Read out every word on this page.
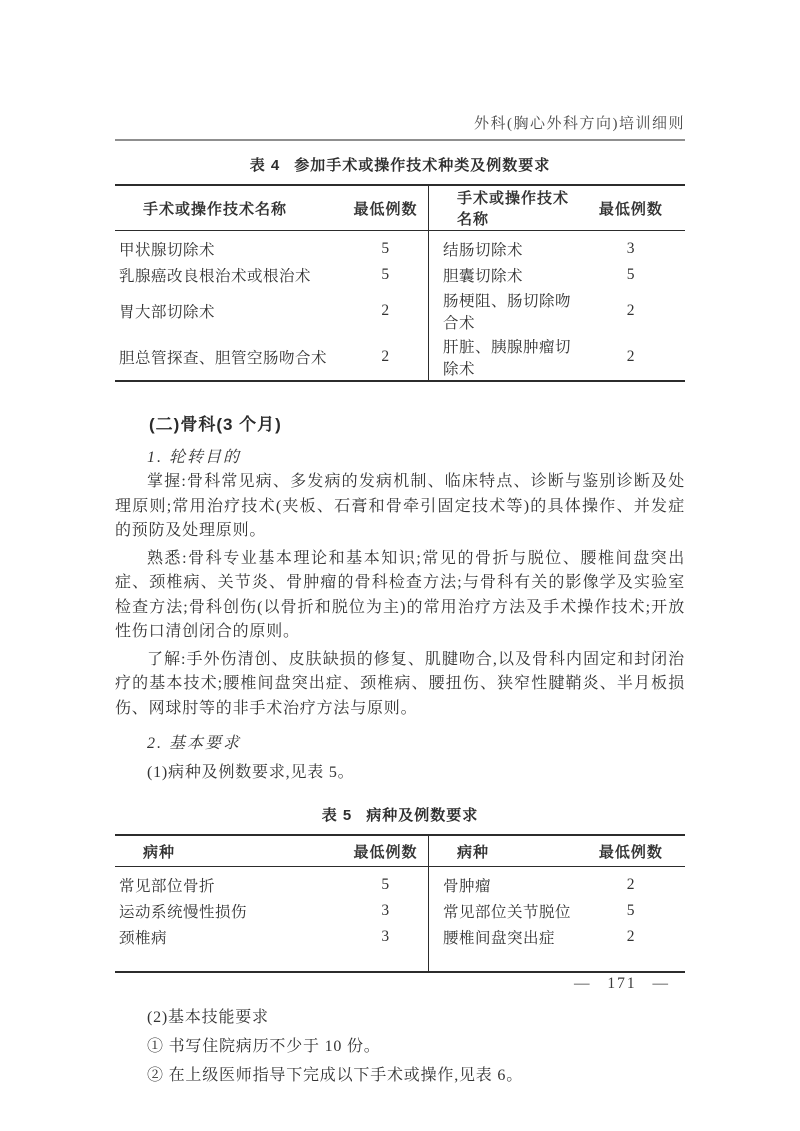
外科(胸心外科方向)培训细则
表 4 参加手术或操作技术种类及例数要求
手术或操作技术名称	最低例数	手术或操作技术名称	最低例数
甲状腺切除术	5	结肠切除术	3
乳腺癌改良根治术或根治术	5	胆囊切除术	5
胃大部切除术	2	肠梗阻、肠切除吻合术	2
胆总管探查、胆管空肠吻合术	2	肝脏、胰腺肿瘤切除术	2
(二)骨科(3 个月)
1. 轮转目的

掌握:骨科常见病、多发病的发病机制、临床特点、诊断与鉴别诊断及处理原则;常用治疗技术(夹板、石膏和骨牵引固定技术等)的具体操作、并发症的预防及处理原则。

熟悉:骨科专业基本理论和基本知识;常见的骨折与脱位、腰椎间盘突出症、颈椎病、关节炎、骨肿瘤的骨科检查方法;与骨科有关的影像学及实验室检查方法;骨科创伤(以骨折和脱位为主)的常用治疗方法及手术操作技术;开放性伤口清创闭合的原则。

了解:手外伤清创、皮肤缺损的修复、肌腱吻合,以及骨科内固定和封闭治疗的基本技术;腰椎间盘突出症、颈椎病、腰扭伤、狭窄性腱鞘炎、半月板损伤、网球肘等的非手术治疗方法与原则。

2. 基本要求
(1)病种及例数要求,见表 5。
表 5 病种及例数要求
病种	最低例数	病种	最低例数
常见部位骨折	5	骨肿瘤	2
运动系统慢性损伤	3	常见部位关节脱位	5
颈椎病	3	腰椎间盘突出症	2
(2)基本技能要求
① 书写住院病历不少于 10 份。
② 在上级医师指导下完成以下手术或操作,见表 6。
— 171 —
